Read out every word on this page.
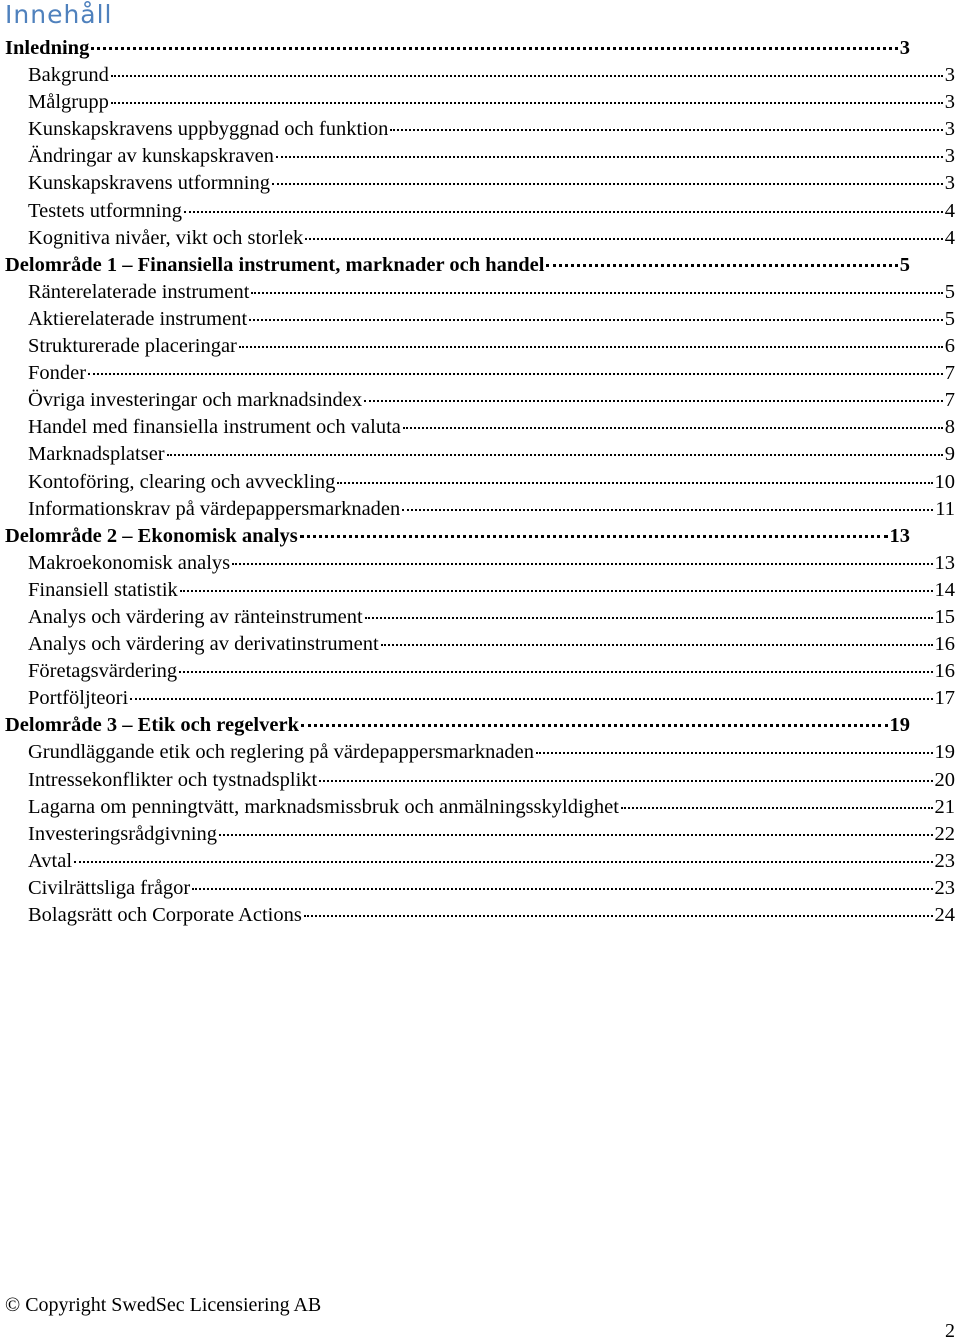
Innehåll
Inledning	3
Bakgrund	3
Målgrupp	3
Kunskapskravens uppbyggnad och funktion	3
Ändringar av kunskapskraven	3
Kunskapskravens utformning	3
Testets utformning	4
Kognitiva nivåer, vikt och storlek	4
Delområde 1 – Finansiella instrument, marknader och handel	5
Ränterelaterade instrument	5
Aktierelaterade instrument	5
Strukturerade placeringar	6
Fonder	7
Övriga investeringar och marknadsindex	7
Handel med finansiella instrument och valuta	8
Marknadsplatser	9
Kontoföring, clearing och avveckling	10
Informationskrav på värdepappersmarknaden	11
Delområde 2 – Ekonomisk analys	13
Makroekonomisk analys	13
Finansiell statistik	14
Analys och värdering av ränteinstrument	15
Analys och värdering av derivatinstrument	16
Företagsvärdering	16
Portföljteori	17
Delområde 3 – Etik och regelverk	19
Grundläggande etik och reglering på värdepappersmarknaden	19
Intressekonflikter och tystnadsplikt	20
Lagarna om penningtvätt, marknadsmissbruk och anmälningsskyldighet	21
Investeringsrådgivning	22
Avtal	23
Civilrättsliga frågor	23
Bolagsrätt och Corporate Actions	24
© Copyright SwedSec Licensiering AB
2
